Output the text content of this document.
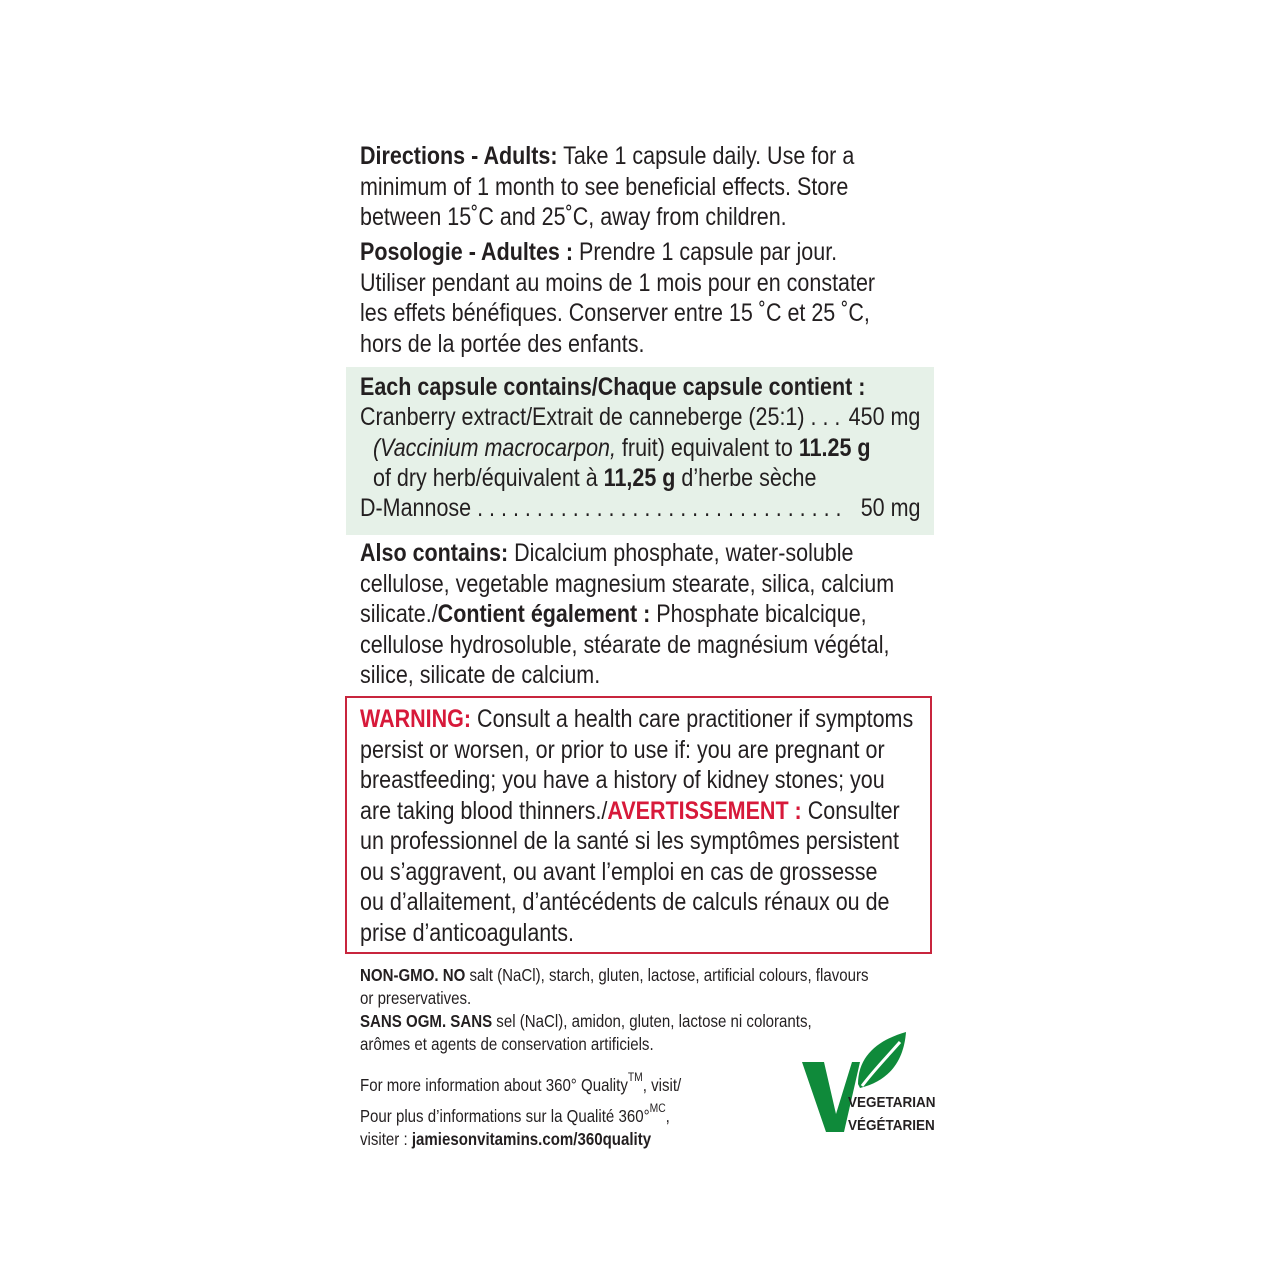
Directions - Adults: Take 1 capsule daily. Use for a
minimum of 1 month to see beneficial effects. Store
between 15˚C and 25˚C, away from children.
Posologie - Adultes : Prendre 1 capsule par jour.
Utiliser pendant au moins de 1 mois pour en constater
les effets bénéfiques. Conserver entre 15 ˚C et 25 ˚C,
hors de la portée des enfants.
Each capsule contains/Chaque capsule contient :
Cranberry extract/Extrait de canneberge (25:1) . . . 450 mg
(Vaccinium macrocarpon, fruit) equivalent to 11.25 g
of dry herb/équivalent à 11,25 g d’herbe sèche
D-Mannose . . . . . . . . . . . . . . . . . . . . . . . . . . . . . . . 50 mg
Also contains: Dicalcium phosphate, water-soluble
cellulose, vegetable magnesium stearate, silica, calcium
silicate./Contient également : Phosphate bicalcique,
cellulose hydrosoluble, stéarate de magnésium végétal,
silice, silicate de calcium.
WARNING: Consult a health care practitioner if symptoms
persist or worsen, or prior to use if: you are pregnant or
breastfeeding; you have a history of kidney stones; you
are taking blood thinners./AVERTISSEMENT : Consulter
un professionnel de la santé si les symptômes persistent
ou s’aggravent, ou avant l’emploi en cas de grossesse
ou d’allaitement, d’antécédents de calculs rénaux ou de
prise d’anticoagulants.
NON-GMO. NO salt (NaCl), starch, gluten, lactose, artificial colours, flavours
or preservatives.
SANS OGM. SANS sel (NaCl), amidon, gluten, lactose ni colorants,
arômes et agents de conservation artificiels.
For more information about 360° Quality™, visit/
Pour plus d’informations sur la Qualité 360°$^{MC}$,
visiter : jamiesonvitamins.com/360quality
VEGETARIAN
VÉGÉTARIEN
